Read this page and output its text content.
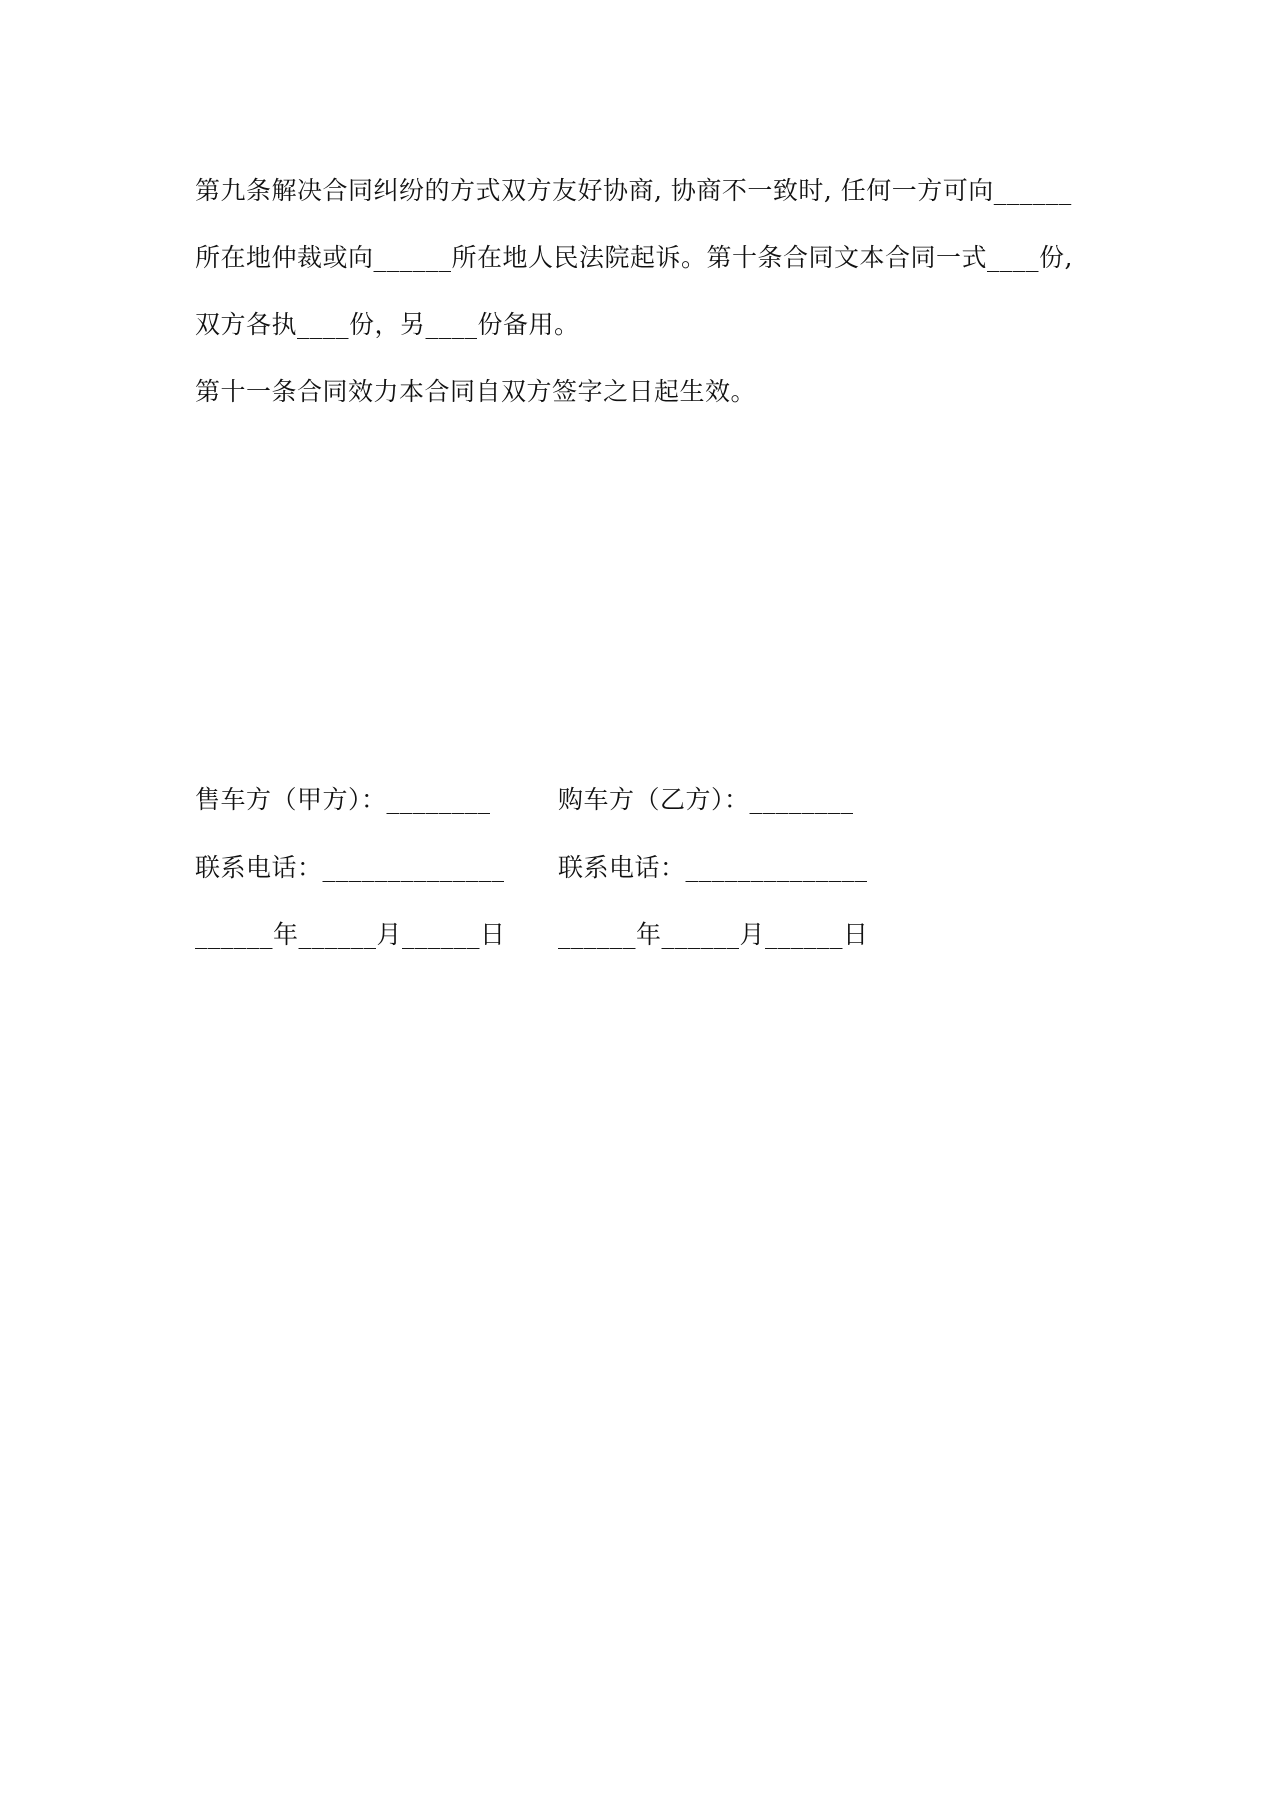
第九条解决合同纠纷的方式双方友好协商, 协商不一致时, 任何一方可向______
所在地仲裁或向______所在地人民法院起诉。第十条合同文本合同一式____份,
双方各执____份，另____份备用。
第十一条合同效力本合同自双方签字之日起生效。
售车方（甲方）：________	购车方（乙方）：________
联系电话：______________ 联系电话：______________
______年______月______日 ______年______月______日
